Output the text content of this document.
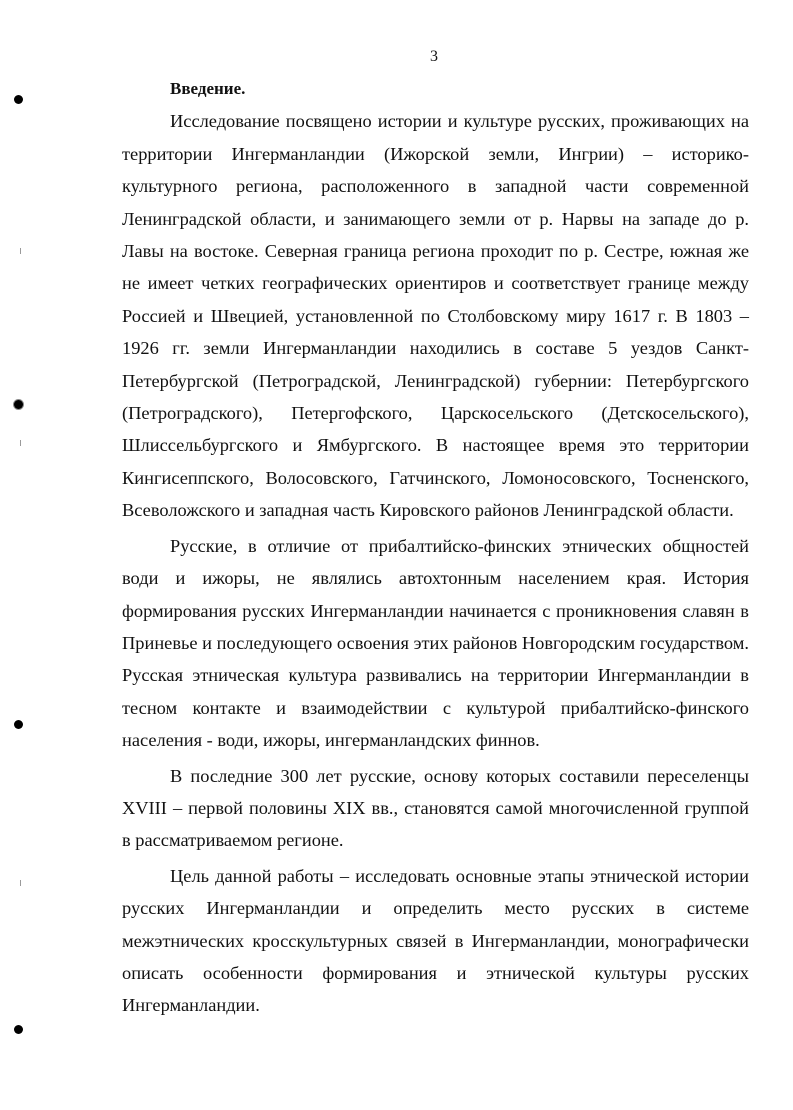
3
Введение.

Исследование посвящено истории и культуре русских, проживающих на территории Ингерманландии (Ижорской земли, Ингрии) – историко-культурного региона, расположенного в западной части современной Ленинградской области, и занимающего земли от р. Нарвы на западе до р. Лавы на востоке. Северная граница региона проходит по р. Сестре, южная же не имеет четких географических ориентиров и соответствует границе между Россией и Швецией, установленной по Столбовскому миру 1617 г. В 1803 – 1926 гг. земли Ингерманландии находились в составе 5 уездов Санкт-Петербургской (Петроградской, Ленинградской) губернии: Петербургского (Петроградского), Петергофского, Царскосельского (Детскосельского), Шлиссельбургского и Ямбургского. В настоящее время это территории Кингисеппского, Волосовского, Гатчинского, Ломоносовского, Тосненского, Всеволожского и западная часть Кировского районов Ленинградской области.

Русские, в отличие от прибалтийско-финских этнических общностей води и ижоры, не являлись автохтонным населением края. История формирования русских Ингерманландии начинается с проникновения славян в Приневье и последующего освоения этих районов Новгородским государством. Русская этническая культура развивались на территории Ингерманландии в тесном контакте и взаимодействии с культурой прибалтийско-финского населения - води, ижоры, ингерманландских финнов.

В последние 300 лет русские, основу которых составили переселенцы XVIII – первой половины XIX вв., становятся самой многочисленной группой в рассматриваемом регионе.

Цель данной работы – исследовать основные этапы этнической истории русских Ингерманландии и определить место русских в системе межэтнических кросскультурных связей в Ингерманландии, монографически описать особенности формирования и этнической культуры русских Ингерманландии.
